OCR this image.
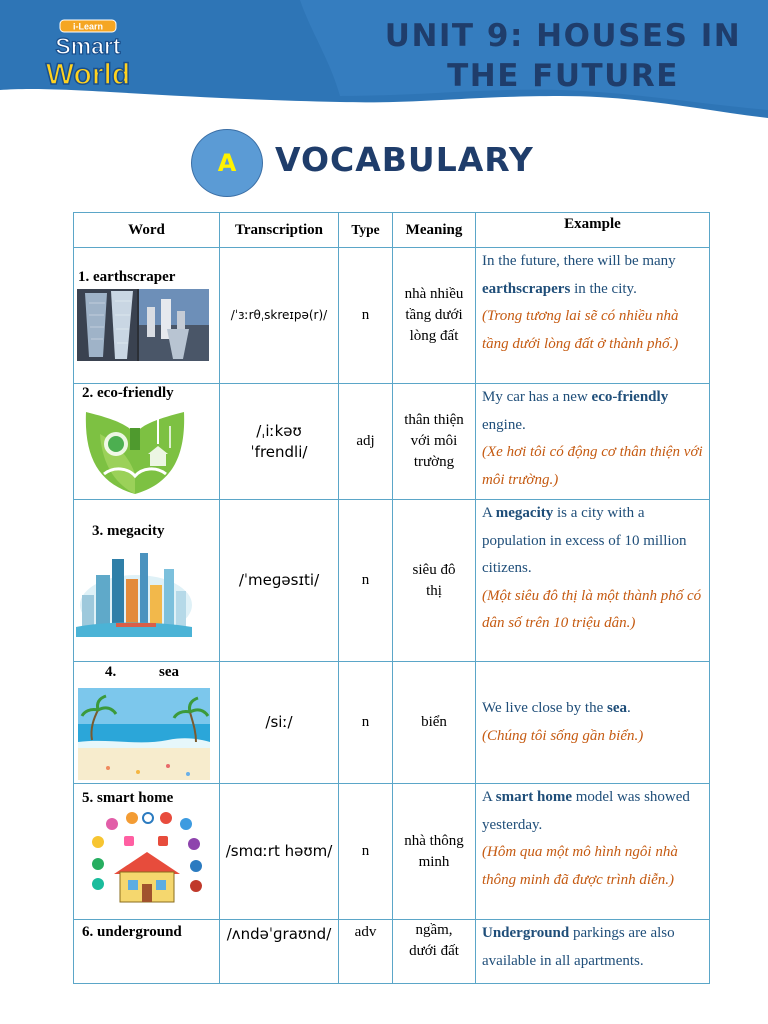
i-Learn
Smart
World
UNIT 9: HOUSES IN
THE FUTURE
A	VOCABULARY
Word	Transcription	Type	Meaning	Example

1. earthscraper	/ˈɜːrθˌskreɪpə(r)/	n	nhà nhiều
tầng dưới
lòng đất	In the future, there will be many earthscrapers in the city.
(Trong tương lai sẽ có nhiều nhà tầng dưới lòng đất ở thành phố.)

2. eco-friendly	/ˌiːkəʊ
ˈfrendli/	adj	thân thiện
với môi
trường	My car has a new eco-friendly engine.
(Xe hơi tôi có động cơ thân thiện với môi trường.)

3. megacity	/ˈmeɡəsɪti/	n	siêu đô
thị	A megacity is a city with a population in excess of 10 million citizens.
(Một siêu đô thị là một thành phố có dân số trên 10 triệu dân.)

4. sea	/siː/	n	biển	We live close by the sea.
(Chúng tôi sống gần biển.)

5. smart home	/smɑːrt həʊm/	n	nhà thông
minh	A smart home model was showed yesterday.
(Hôm qua một mô hình ngôi nhà thông minh đã được trình diễn.)
6. underground	/ʌndəˈɡraʊnd/	adv	ngầm,
dưới đất	Underground parkings are also available in all apartments.
